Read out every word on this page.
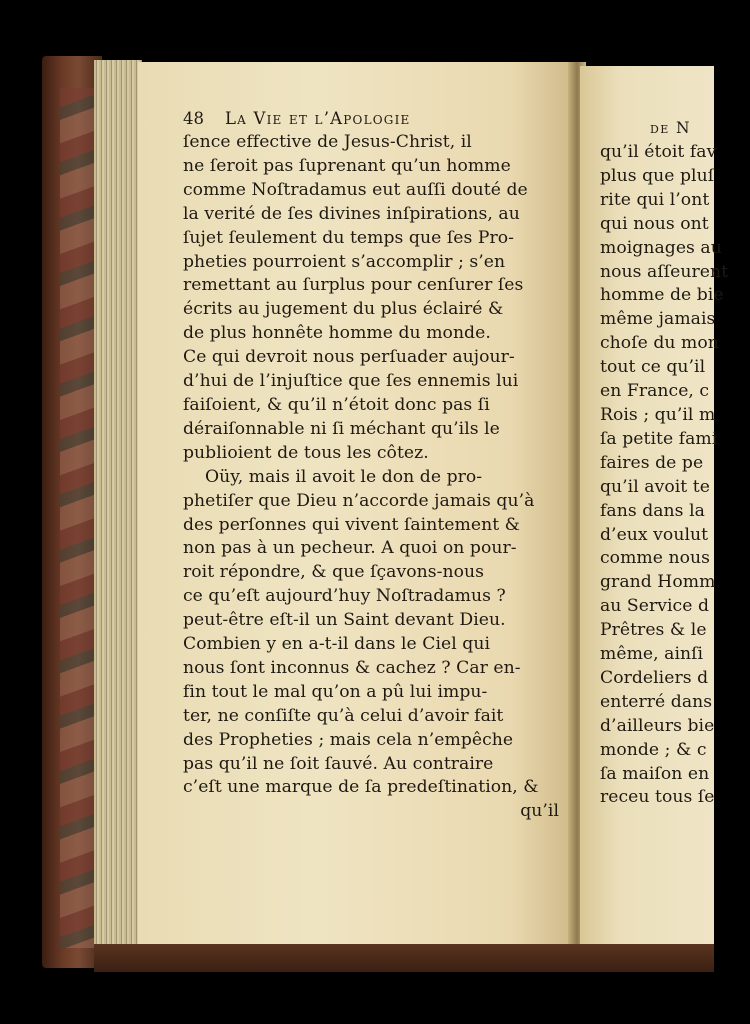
48 La Vie et l’Apologie
ſence effective de Jesus-Christ, il
ne ſeroit pas ſuprenant qu’un homme
comme Noſtradamus eut auſſi douté de
la verité de ſes divines inſpirations, au
ſujet ſeulement du temps que ſes Pro-
pheties pourroient s’accomplir ; s’en
remettant au ſurplus pour cenſurer ſes
écrits au jugement du plus éclairé &
de plus honnête homme du monde.
Ce qui devroit nous perſuader aujour-
d’hui de l’injuſtice que ſes ennemis lui
faiſoient, & qu’il n’étoit donc pas ſi
déraiſonnable ni ſi méchant qu’ils le
publioient de tous les côtez.
Oüy, mais il avoit le don de pro-
phetiſer que Dieu n’accorde jamais qu’à
des perſonnes qui vivent ſaintement &
non pas à un pecheur. A quoi on pour-
roit répondre, & que ſçavons-nous
ce qu’eſt aujourd’huy Noſtradamus ?
peut-être eſt-il un Saint devant Dieu.
Combien y en a-t-il dans le Ciel qui
nous ſont inconnus & cachez ? Car en-
fin tout le mal qu’on a pû lui impu-
ter, ne conſiſte qu’à celui d’avoir fait
des Propheties ; mais cela n’empêche
pas qu’il ne ſoit ſauvé. Au contraire
c’eſt une marque de ſa predeſtination, &
qu’il
de N
qu’il étoit fav
plus que pluſ
rite qui l’ont
qui nous ont
moignages au
nous aſſeurent
homme de bie
même jamais
choſe du mon
tout ce qu’il
en France, c
Rois ; qu’il m
ſa petite fami
faires de pe
qu’il avoit te
fans dans la
d’eux voulut
comme nous
grand Homm
au Service d
Prêtres & le
même, ainſi
Cordeliers d
enterré dans
d’ailleurs bie
monde ; & c
ſa maiſon en
receu tous ſe
